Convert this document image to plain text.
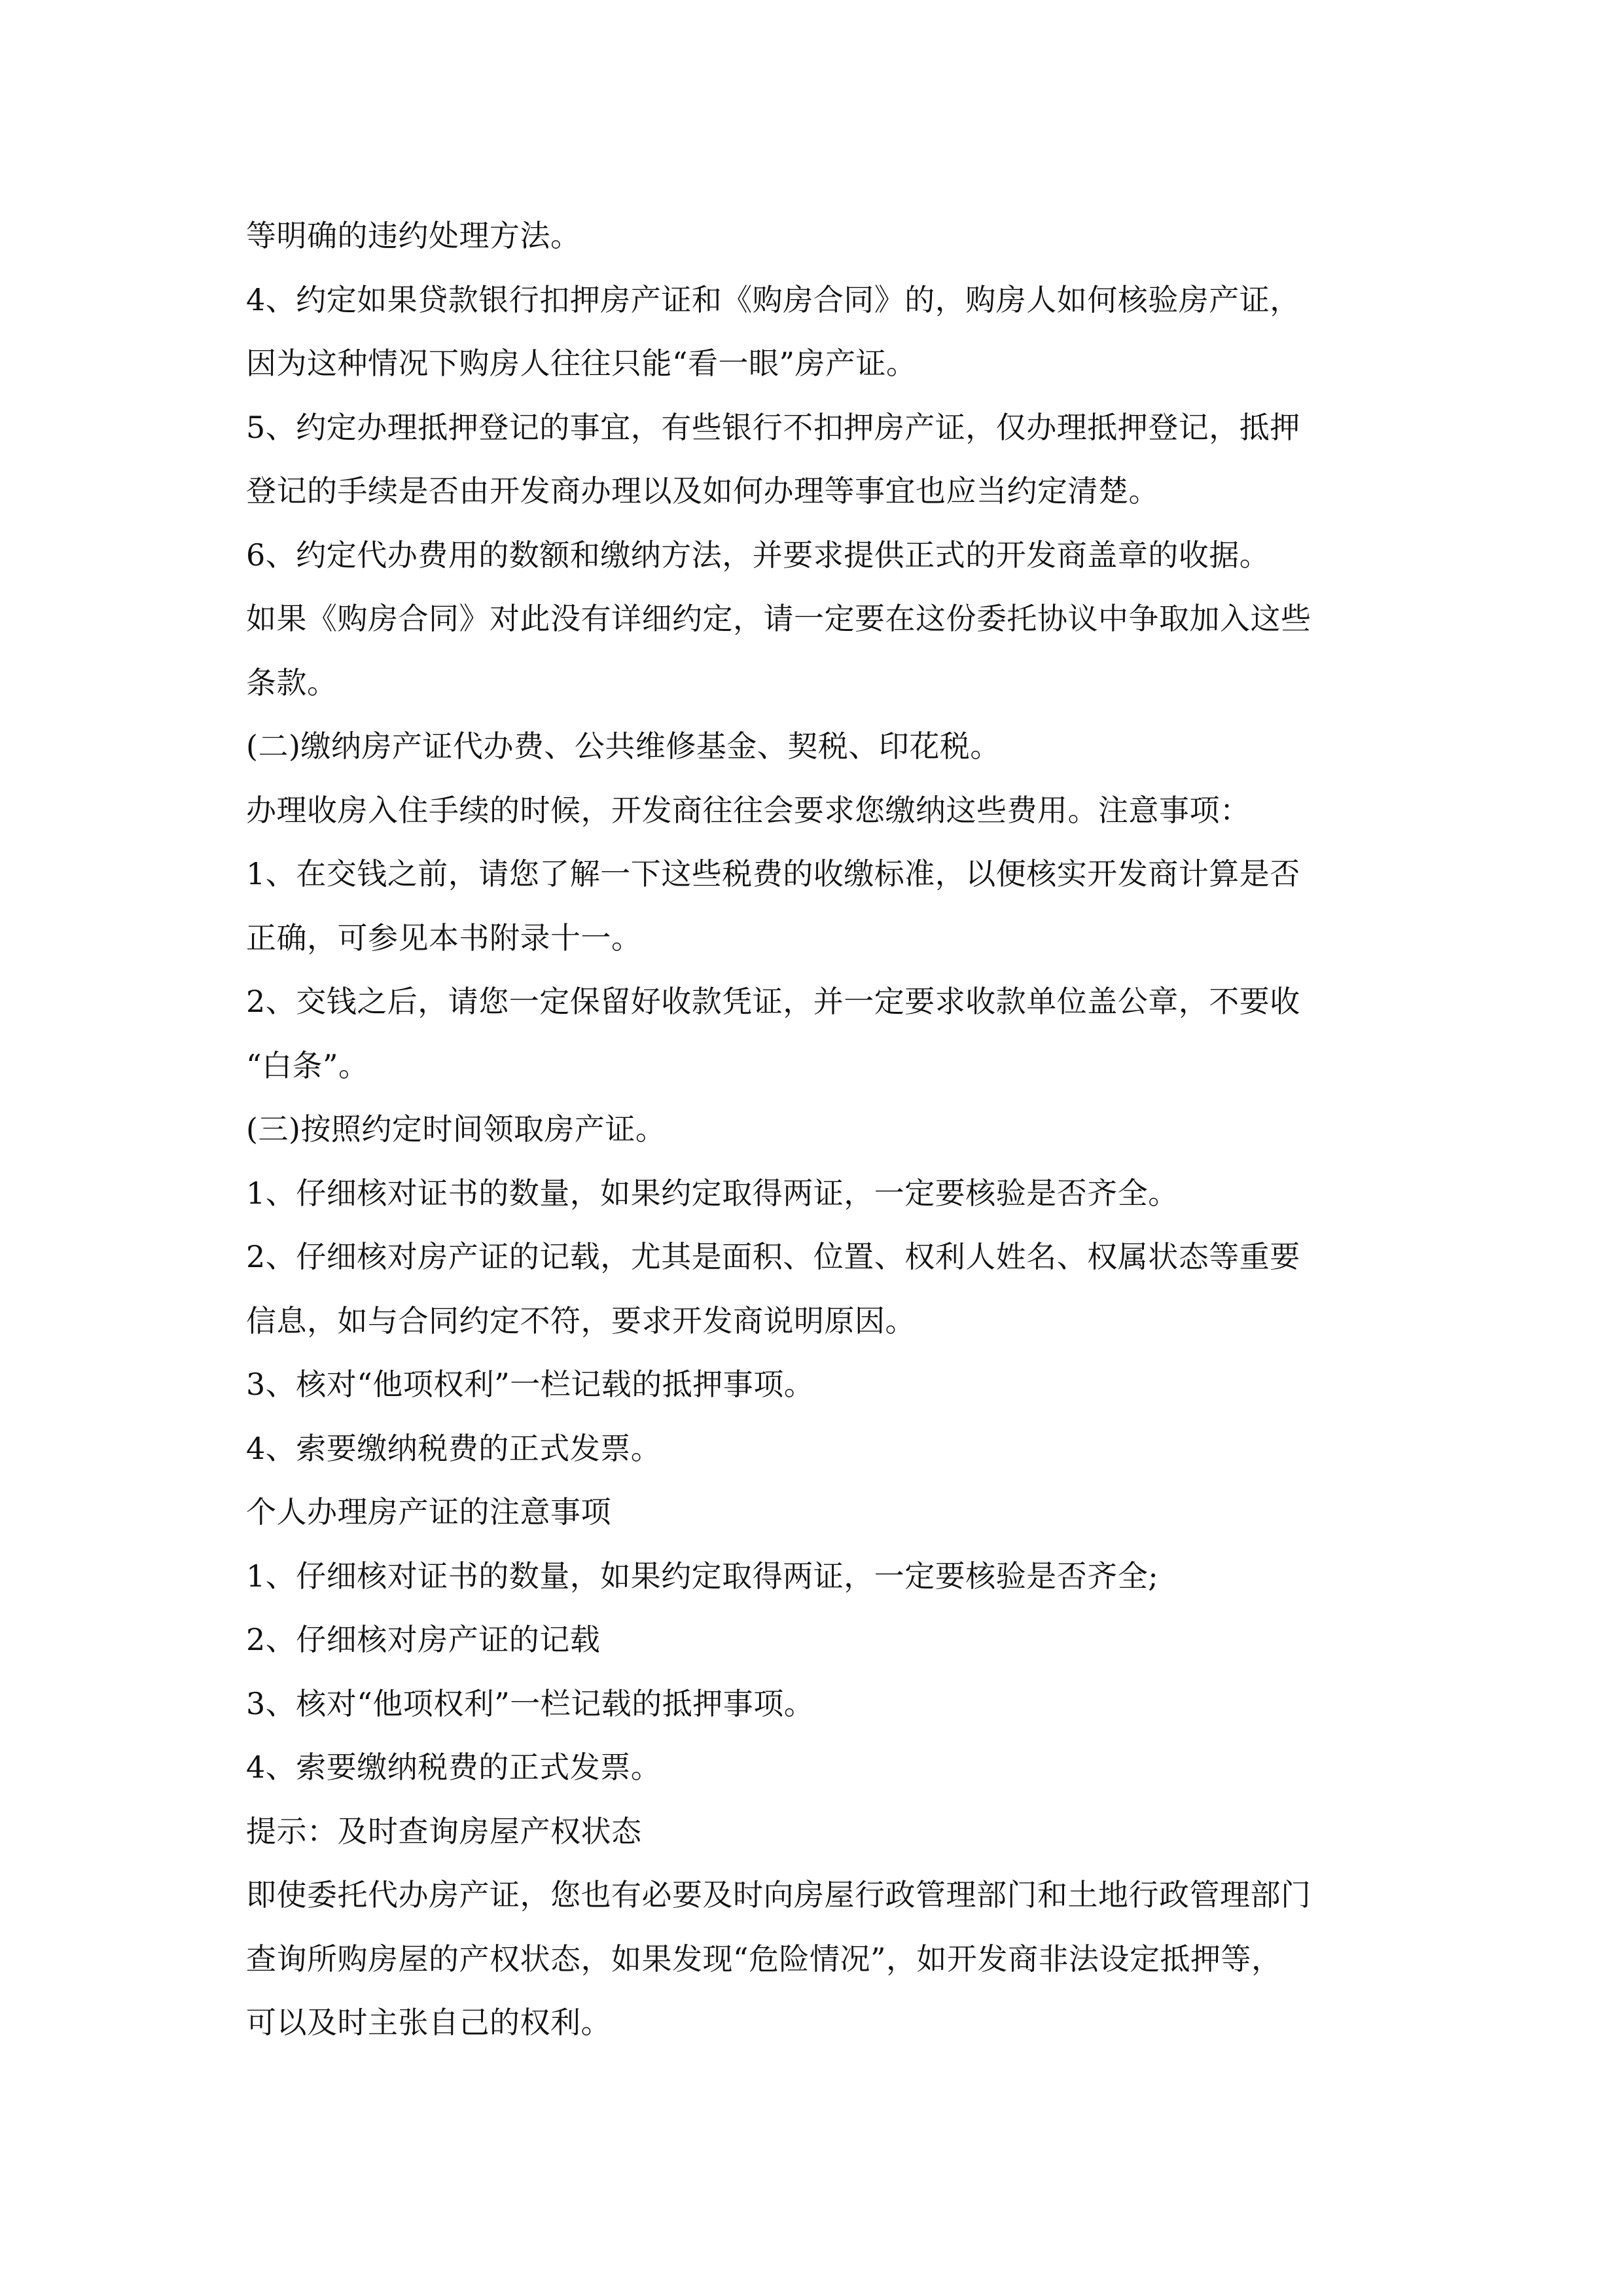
等明确的违约处理方法。
4、约定如果贷款银行扣押房产证和《购房合同》的，购房人如何核验房产证，
因为这种情况下购房人往往只能“看一眼”房产证。
5、约定办理抵押登记的事宜，有些银行不扣押房产证，仅办理抵押登记，抵押
登记的手续是否由开发商办理以及如何办理等事宜也应当约定清楚。
6、约定代办费用的数额和缴纳方法，并要求提供正式的开发商盖章的收据。
如果《购房合同》对此没有详细约定，请一定要在这份委托协议中争取加入这些
条款。
(二)缴纳房产证代办费、公共维修基金、契税、印花税。
办理收房入住手续的时候，开发商往往会要求您缴纳这些费用。注意事项：
1、在交钱之前，请您了解一下这些税费的收缴标准，以便核实开发商计算是否
正确，可参见本书附录十一。
2、交钱之后，请您一定保留好收款凭证，并一定要求收款单位盖公章，不要收
“白条”。
(三)按照约定时间领取房产证。
1、仔细核对证书的数量，如果约定取得两证，一定要核验是否齐全。
2、仔细核对房产证的记载，尤其是面积、位置、权利人姓名、权属状态等重要
信息，如与合同约定不符，要求开发商说明原因。
3、核对“他项权利”一栏记载的抵押事项。
4、索要缴纳税费的正式发票。
个人办理房产证的注意事项
1、仔细核对证书的数量，如果约定取得两证，一定要核验是否齐全;
2、仔细核对房产证的记载
3、核对“他项权利”一栏记载的抵押事项。
4、索要缴纳税费的正式发票。
提示：及时查询房屋产权状态
即使委托代办房产证，您也有必要及时向房屋行政管理部门和土地行政管理部门
查询所购房屋的产权状态，如果发现“危险情况”，如开发商非法设定抵押等，
可以及时主张自己的权利。
